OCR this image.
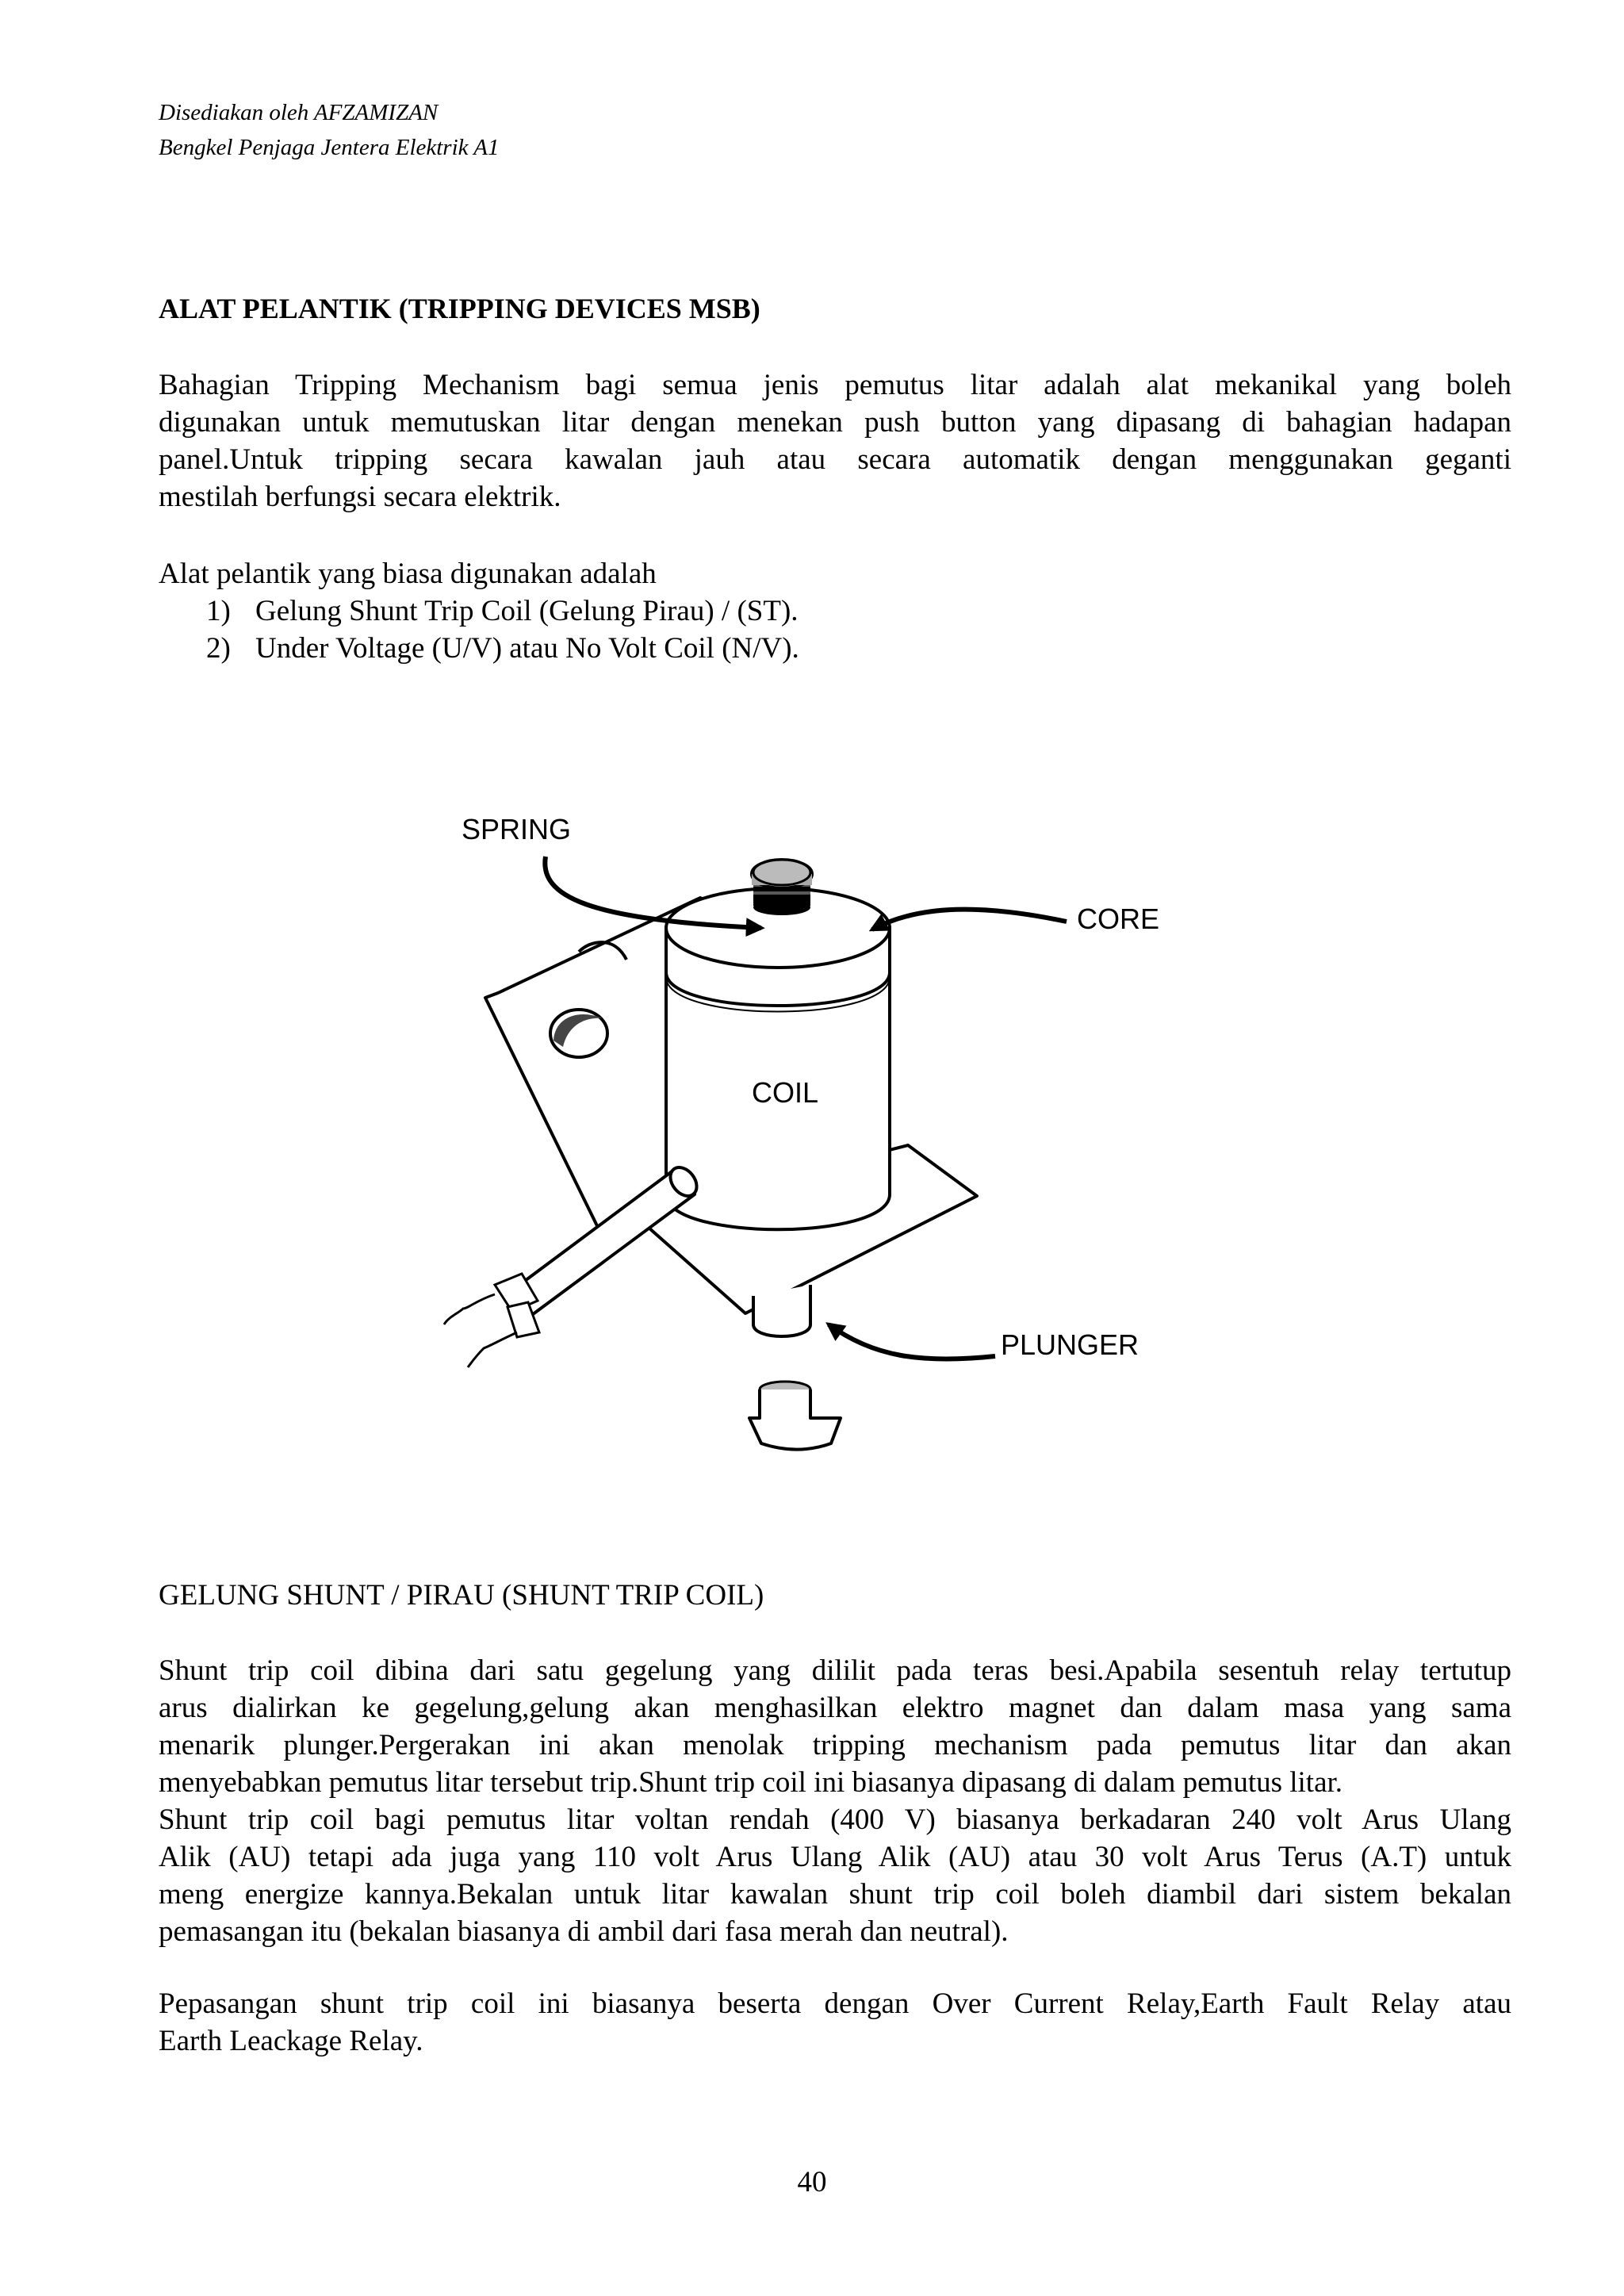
Disediakan oleh AFZAMIZAN
Bengkel Penjaga Jentera Elektrik A1
ALAT PELANTIK (TRIPPING DEVICES MSB)
Bahagian Tripping Mechanism bagi semua jenis pemutus litar adalah alat mekanikal yang boleh
digunakan untuk memutuskan litar dengan menekan push button yang dipasang di bahagian hadapan
panel.Untuk tripping secara kawalan jauh atau secara automatik dengan menggunakan geganti
mestilah berfungsi secara elektrik.
Alat pelantik yang biasa digunakan adalah
1) Gelung Shunt Trip Coil (Gelung Pirau) / (ST).
2) Under Voltage (U/V) atau No Volt Coil (N/V).
SPRING
CORE
COIL
PLUNGER
GELUNG SHUNT / PIRAU (SHUNT TRIP COIL)
Shunt trip coil dibina dari satu gegelung yang dililit pada teras besi.Apabila sesentuh relay tertutup
arus dialirkan ke gegelung,gelung akan menghasilkan elektro magnet dan dalam masa yang sama
menarik plunger.Pergerakan ini akan menolak tripping mechanism pada pemutus litar dan akan
menyebabkan pemutus litar tersebut trip.Shunt trip coil ini biasanya dipasang di dalam pemutus litar.
Shunt trip coil bagi pemutus litar voltan rendah (400 V) biasanya berkadaran 240 volt Arus Ulang
Alik (AU) tetapi ada juga yang 110 volt Arus Ulang Alik (AU) atau 30 volt Arus Terus (A.T) untuk
meng energize kannya.Bekalan untuk litar kawalan shunt trip coil boleh diambil dari sistem bekalan
pemasangan itu (bekalan biasanya di ambil dari fasa merah dan neutral).
Pepasangan shunt trip coil ini biasanya beserta dengan Over Current Relay,Earth Fault Relay atau
Earth Leackage Relay.
40
